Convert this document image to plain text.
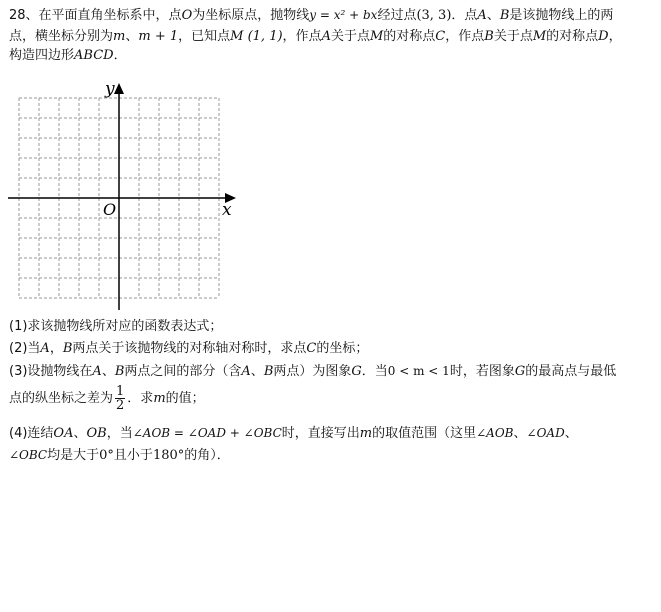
28、在平面直角坐标系中，点O为坐标原点，抛物线y = x² + bx经过点(3, 3)．点A、B是该抛物线上的两
点，横坐标分别为m、m + 1，已知点M (1, 1)，作点A关于点M的对称点C，作点B关于点M的对称点D，
构造四边形ABCD．
y
x
O
(1)求该抛物线所对应的函数表达式；
(2)当A，B两点关于该抛物线的对称轴对称时，求点C的坐标；
(3)设抛物线在A、B两点之间的部分（含A、B两点）为图象G．当0 < m < 1时，若图象G的最高点与最低
点的纵坐标之差为 $\frac{1}{2}$ ．求m的值；
(4)连结OA、OB，当∠AOB = ∠OAD + ∠OBC时，直接写出m的取值范围（这里∠AOB、∠OAD、
∠OBC均是大于0°且小于180°的角）．
